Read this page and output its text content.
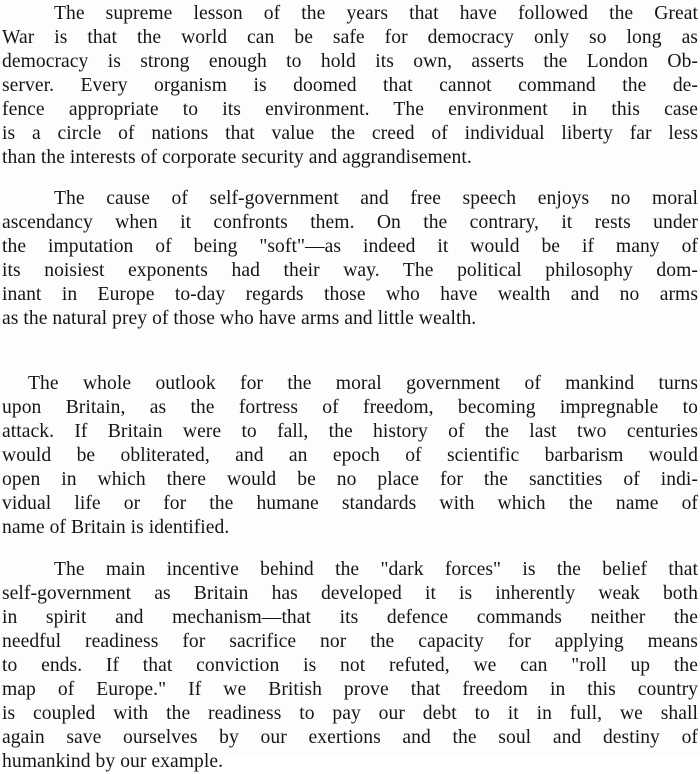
The supreme lesson of the years that have followed the Great
War is that the world can be safe for democracy only so long as
democracy is strong enough to hold its own, asserts the London Ob-
server. Every organism is doomed that cannot command the de-
fence appropriate to its environment. The environment in this case
is a circle of nations that value the creed of individual liberty far less
than the interests of corporate security and aggrandisement.
The cause of self-government and free speech enjoys no moral
ascendancy when it confronts them. On the contrary, it rests under
the imputation of being "soft"—as indeed it would be if many of
its noisiest exponents had their way. The political philosophy dom-
inant in Europe to-day regards those who have wealth and no arms
as the natural prey of those who have arms and little wealth.
The whole outlook for the moral government of mankind turns
upon Britain, as the fortress of freedom, becoming impregnable to
attack. If Britain were to fall, the history of the last two centuries
would be obliterated, and an epoch of scientific barbarism would
open in which there would be no place for the sanctities of indi-
vidual life or for the humane standards with which the name of
name of Britain is identified.
The main incentive behind the "dark forces" is the belief that
self-government as Britain has developed it is inherently weak both
in spirit and mechanism—that its defence commands neither the
needful readiness for sacrifice nor the capacity for applying means
to ends. If that conviction is not refuted, we can "roll up the
map of Europe." If we British prove that freedom in this country
is coupled with the readiness to pay our debt to it in full, we shall
again save ourselves by our exertions and the soul and destiny of
humankind by our example.
